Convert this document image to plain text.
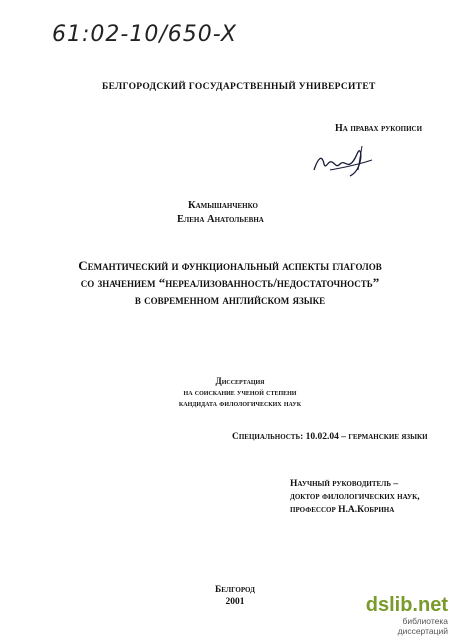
61:02-10/650-X
БЕЛГОРОДСКИЙ ГОСУДАРСТВЕННЫЙ УНИВЕРСИТЕТ
На правах рукописи
Камышанченко
Елена Анатольевна
Семантический и функциональный аспекты глаголов
со значением “нереализованность/недостаточность”
в современном английском языке
Диссертация
на соискание ученой степени
кандидата филологических наук
Специальность: 10.02.04 – германские языки
Научный руководитель –
доктор филологических наук,
профессор Н.А.Кобрина
Белгород
2001	dslib.net
библиотека диссертаций
